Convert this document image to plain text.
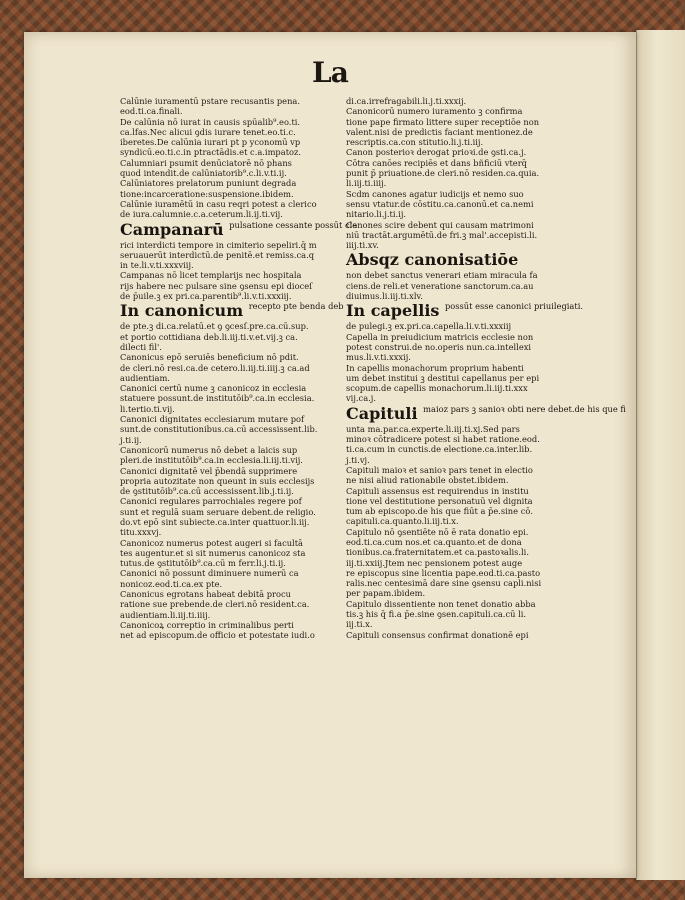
La
Calūnie iuramentū pstare recusantis pena.
eod.ti.ca.finali.
De calūnia nō iurat in causis spūalib⁹.eo.ti.
ca.lfas.Nec alicui ꝯdis iurare tenet.eo.ti.c.
iberetes.De calūnia iurari pt p yconomū vp
syndicū.eo.ti.c.in ptractādis.et c.a.impatoz.
Calumniari psumit denūciatorē nō phans
quod intendit.de calūniatorib⁹.c.li.v.ti.ij.
Calūniatores prelatorum puniunt degrada
tione:incarceratione:suspensione.ibidem.
Calūnie iuramētū in casu reqri potest a clerico
de iura.calumnie.c.a.ceterum.li.ij.ti.vij.
Campanarū $^{pulsatione cessante possūt cle}$
rici interdicti tempore in cimiterio sepeliri.q̄ m
seruauerūt interdictū.de penitē.et remiss.ca.q
in te.li.v.ti.xxxviij.
Campanas nō licet templarijs nec hospitala
rijs habere nec pulsare sine ꝯsensu epi dioceſ
de p̄uile.ꝫ ex pri.ca.parentib⁹.li.v.ti.xxxiij.
In canonicum $^{recepto pte benda deb}$
de pte.ꝫ di.ca.relatū.et ꝯ ꝯcesſ.pre.ca.cū.sup.
et portio cottidiana deb.li.iij.ti.v.et.vij.ꝫ ca.
dilecti fil'.
Canonicus epō seruiēs beneficium nō pdit.
de cleri.nō resi.ca.de cetero.li.iij.ti.iiij.ꝫ ca.ad
audientiam.
Canonici certū nume ꝫ canonicoz in ecclesia
statuere possunt.de institutōib⁹.ca.in ecclesia.
li.tertio.ti.vij.
Canonici dignitates ecclesiarum mutare pof
sunt.de constitutionibus.ca.cū accessissent.lib.
j.ti.ij.
Canonicorū numerus nō debet a laicis sup
pleri.de institutōib⁹.ca.in ecclesia.li.iij.ti.vij.
Canonici dignitatē vel p̄bendā supprimere
propria autozitate non queunt in suis ecclesijs
de ꝯstitutōib⁹.ca.cū accessissent.lib.j.ti.ij.
Canonici regulares parrochiales regere pof
sunt et regulā suam seruare debent.de religio.
do.vt epō sint subiecte.ca.inter quattuor.li.iij.
titu.xxxvj.
Canonicoz numerus potest augeri si facultā
tes augentur.et si sit numerus canonicoz sta
tutus.de ꝯstitutōib⁹.ca.cū m ferr.li.j.ti.ij.
Canonici nō possunt diminuere numerū ca
nonicoz.eod.ti.ca.ex pte.
Canonicus egrotans habeat debitā procu
ratione sue prebende.de cleri.nō resident.ca.
audientiam.li.iij.ti.iiij.
Canonicoꝝ correptio in criminalibus perti
net ad episcopum.de officio et potestate iudi.o
di.ca.irrefragabili.li.j.ti.xxxij.
Canonicorū numero iuramento ꝫ confirma
tione pape firmato littere super receptiōe non
valent.nisi de predictis faciant mentionez.de
rescriptis.ca.con stitutio.li.j.ti.iij.
Canon posterioꝛ derogat prioꝛi.de ꝯsti.ca.j.
Cōtra canōes recipiēs et dans bñficiū vterq̄
punit p̄ priuatione.de cleri.nō residen.ca.quia.
li.iij.ti.iiij.
Scdm canones agatur iudicijs et nemo suo
sensu vtatur.de cōstitu.ca.canonū.et ca.nemi
nitario.li.j.ti.ij.
Canones scire debent qui causam matrimoni
niū tractāt.argumētū.de fri.ꝫ mal'.accepisti.li.
iiij.ti.xv.
Absqz canonisatiōe
non debet sanctus venerari etiam miracula fa
ciens.de reli.et veneratione sanctorum.ca.au
diuimus.li.iij.ti.xlv.
In capellis $^{possūt esse canonici priuilegiati.}$
de pulegi.ꝫ ex.pri.ca.capella.li.v.ti.xxxiij
Capella in preiudicium matricis ecclesie non
potest construi.de no.operis nun.ca.intellexi
mus.li.v.ti.xxxij.
In capellis monachorum proprium habenti
um debet institui ꝫ destitui capellanus per epi
scopum.de capellis monachorum.li.iij.ti.xxx
vij.ca.j.
Capituli $^{maioz pars ꝫ sanioꝛ obti nere debet.de his que fi}$
unta ma.par.ca.experte.li.iij.ti.xj.Sed pars
minoꝛ cōtradicere potest si habet ratione.eod.
ti.ca.cum in cunctis.de electione.ca.inter.lib.
j.ti.vj.
Capituli maioꝛ et sanioꝛ pars tenet in electio
ne nisi aliud rationabile obstet.ibidem.
Capituli assensus est requirendus in institu
tione vel destitutione personatuū vel dignita
tum ab episcopo.de his que fiūt a p̄e.sine cō.
capituli.ca.quanto.li.iij.ti.x.
Capitulo nō ꝯsentiēte nō ē rata donatio epi.
eod.ti.ca.cum nos.et ca.quanto.et de dona
tionibus.ca.fraternitatem.et ca.pastoꝛalis.li.
iij.ti.xxiij.Jtem nec pensionem potest auge
re episcopus sine licentia pape.eod.ti.ca.pasto
ralis.nec centesimā dare sine ꝯsensu capli.nisi
per papam.ibidem.
Capitulo dissentiente non tenet donatio abba
tis.ꝫ his q̄ fi.a p̄e.sine ꝯsen.capituli.ca.cū li.
iij.ti.x.
Capituli consensus confirmat donationē epi
